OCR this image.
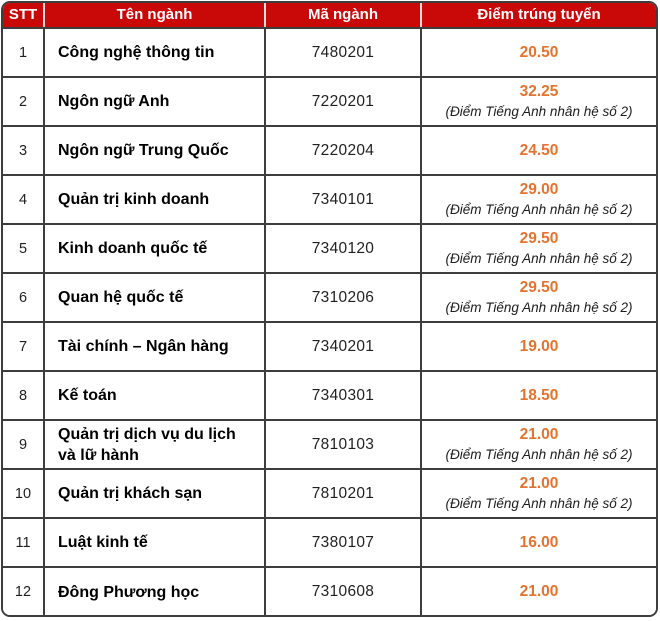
STT	Tên ngành	Mã ngành	Điểm trúng tuyển
1	Công nghệ thông tin	7480201	20.50

2	Ngôn ngữ Anh	7220201	32.25
(Điểm Tiếng Anh nhân hệ số 2)

3	Ngôn ngữ Trung Quốc	7220204	24.50

4	Quản trị kinh doanh	7340101	29.00
(Điểm Tiếng Anh nhân hệ số 2)

5	Kinh doanh quốc tế	7340120	29.50
(Điểm Tiếng Anh nhân hệ số 2)

6	Quan hệ quốc tế	7310206	29.50
(Điểm Tiếng Anh nhân hệ số 2)

7	Tài chính – Ngân hàng	7340201	19.00

8	Kế toán	7340301	18.50

9	Quản trị dịch vụ du lịch và lữ hành	7810103	21.00
(Điểm Tiếng Anh nhân hệ số 2)

10	Quản trị khách sạn	7810201	21.00
(Điểm Tiếng Anh nhân hệ số 2)

11	Luật kinh tế	7380107	16.00

12	Đông Phương học	7310608	21.00
